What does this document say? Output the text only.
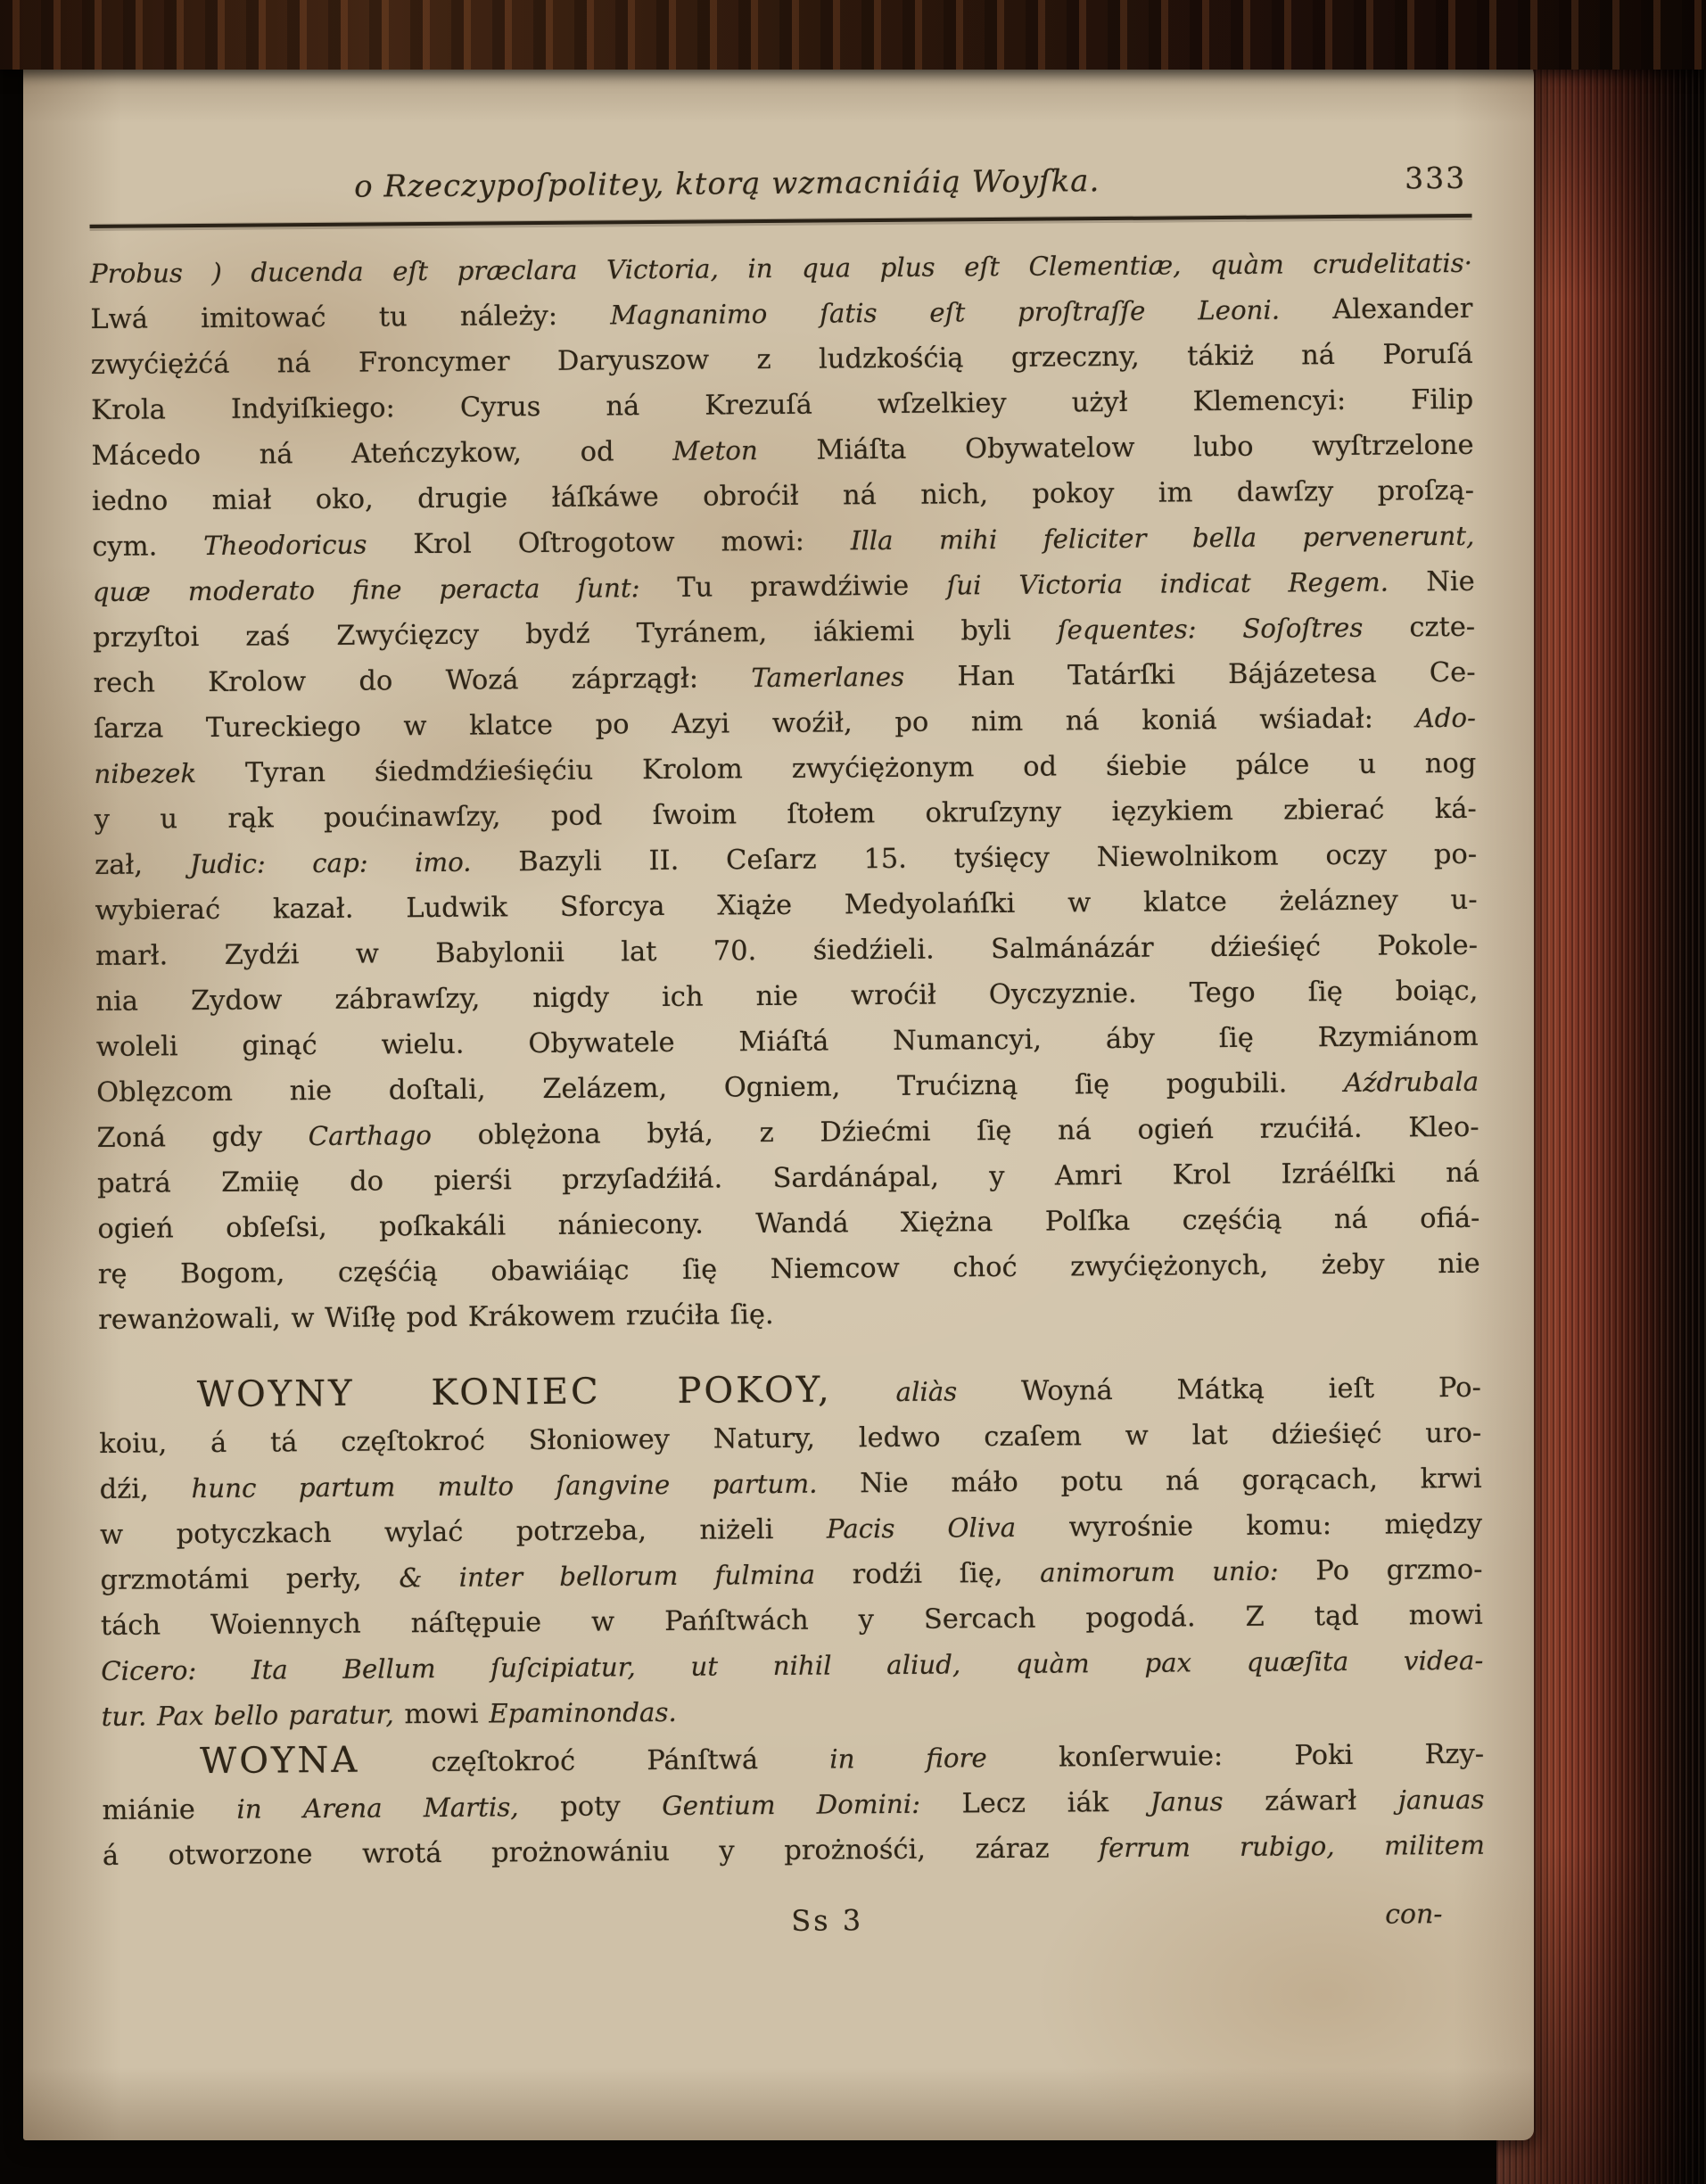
o Rzeczypoſpolitey, ktorą wzmacniáią Woyſka.	333
Probus ) ducenda eſt præclara Victoria, in qua plus eſt Clementiæ, quàm crudelitatis·
Lwá imitować tu náleży: Magnanimo ſatis eſt proſtraſſe Leoni. Alexander
zwyćiężćá ná Froncymer Daryuszow z ludzkośćią grzeczny, tákiż ná Poruſá
Krola Indyiſkiego: Cyrus ná Krezuſá wſzelkiey użył Klemencyi: Filip
Mácedo ná Ateńczykow, od Meton Miáſta Obywatelow lubo wyſtrzelone
iedno miał oko, drugie łáſkáwe obroćił ná nich, pokoy im dawſzy proſzą-
cym. Theodoricus Krol Oſtrogotow mowi: Illa mihi feliciter bella pervenerunt,
quæ moderato fine peracta ſunt: Tu prawdźiwie ſui Victoria indicat Regem. Nie
przyſtoi zaś Zwyćięzcy bydź Tyránem, iákiemi byli ſequentes: Soſoſtres czte-
rech Krolow do Wozá záprzągł: Tamerlanes Han Tatárſki Bájázetesa Ce-
ſarza Tureckiego w klatce po Azyi woźił, po nim ná koniá wśiadał: Ado-
nibezek Tyran śiedmdźieśięćiu Krolom zwyćiężonym od śiebie pálce u nog
y u rąk poućinawſzy, pod ſwoim ſtołem okruſzyny ięzykiem zbierać ká-
zał, Judic: cap: imo. Bazyli II. Ceſarz 15. tyśięcy Niewolnikom oczy po-
wybierać kazał. Ludwik Sforcya Xiąże Medyolańſki w klatce żelázney u-
marł. Zydźi w Babylonii lat 70. śiedźieli. Salmánázár dźieśięć Pokole-
nia Zydow zábrawſzy, nigdy ich nie wroćił Oyczyznie. Tego ſię boiąc,
woleli ginąć wielu. Obywatele Miáſtá Numancyi, áby ſię Rzymiánom
Oblęzcom nie doſtali, Zelázem, Ogniem, Trućizną ſię pogubili. Aźdrubala
Zoná gdy Carthago oblężona byłá, z Dźiećmi ſię ná ogień rzućiłá. Kleo-
patrá Zmiię do pierśi przyſadźiłá. Sardánápal, y Amri Krol Izráélſki ná
ogień obſeſsi, poſkakáli nániecony. Wandá Xiężna Polſka częśćią ná ofiá-
rę Bogom, częśćią obawiáiąc ſię Niemcow choć zwyćiężonych, żeby nie
rewanżowali, w Wiſłę pod Krákowem rzućiła ſię.
WOYNY KONIEC POKOY, aliàs Woyná Mátką ieſt Po-
koiu, á tá częſtokroć Słoniowey Natury, ledwo czaſem w lat dźieśięć uro-
dźi, hunc partum multo ſangvine partum. Nie máło potu ná gorącach, krwi
w potyczkach wylać potrzeba, niżeli Pacis Oliva wyrośnie komu: między
grzmotámi perły, & inter bellorum fulmina rodźi ſię, animorum unio: Po grzmo-
tách Woiennych náſtępuie w Pańſtwách y Sercach pogodá. Z tąd mowi
Cicero: Ita Bellum ſuſcipiatur, ut nihil aliud, quàm pax quæſita videa-
tur. Pax bello paratur, mowi Epaminondas.
WOYNA częſtokroć Pánſtwá in fiore konſerwuie: Poki Rzy-
miánie in Arena Martis, poty Gentium Domini: Lecz iák Janus záwarł januas
á otworzone wrotá prożnowániu y prożnośći, záraz ferrum rubigo, militem
Ss 3	con-
